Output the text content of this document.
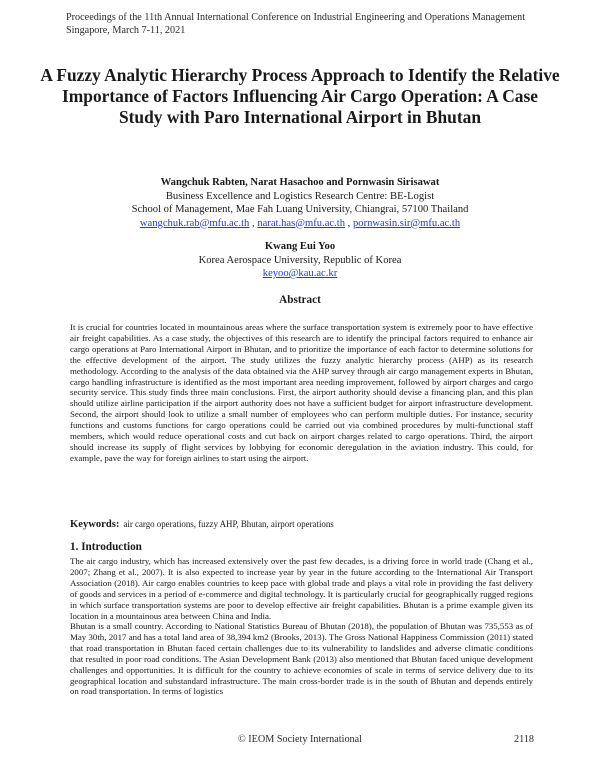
Proceedings of the 11th Annual International Conference on Industrial Engineering and Operations Management
Singapore, March 7-11, 2021
A Fuzzy Analytic Hierarchy Process Approach to Identify the Relative Importance of Factors Influencing Air Cargo Operation: A Case Study with Paro International Airport in Bhutan
Wangchuk Rabten, Narat Hasachoo and Pornwasin Sirisawat
Business Excellence and Logistics Research Centre: BE-Logist
School of Management, Mae Fah Luang University, Chiangrai, 57100 Thailand
wangchuk.rab@mfu.ac.th , narat.has@mfu.ac.th , pornwasin.sir@mfu.ac.th
Kwang Eui Yoo
Korea Aerospace University, Republic of Korea
keyoo@kau.ac.kr
Abstract
It is crucial for countries located in mountainous areas where the surface transportation system is extremely poor to have effective air freight capabilities. As a case study, the objectives of this research are to identify the principal factors required to enhance air cargo operations at Paro International Airport in Bhutan, and to prioritize the importance of each factor to determine solutions for the effective development of the airport. The study utilizes the fuzzy analytic hierarchy process (AHP) as its research methodology. According to the analysis of the data obtained via the AHP survey through air cargo management experts in Bhutan, cargo handling infrastructure is identified as the most important area needing improvement, followed by airport charges and cargo security service. This study finds three main conclusions. First, the airport authority should devise a financing plan, and this plan should utilize airline participation if the airport authority does not have a sufficient budget for airport infrastructure development. Second, the airport should look to utilize a small number of employees who can perform multiple duties. For instance, security functions and customs functions for cargo operations could be carried out via combined procedures by multi-functional staff members, which would reduce operational costs and cut back on airport charges related to cargo operations. Third, the airport should increase its supply of flight services by lobbying for economic deregulation in the aviation industry. This could, for example, pave the way for foreign airlines to start using the airport.
Keywords: air cargo operations, fuzzy AHP, Bhutan, airport operations
1. Introduction
The air cargo industry, which has increased extensively over the past few decades, is a driving force in world trade (Chang et al., 2007; Zhang et al., 2007). It is also expected to increase year by year in the future according to the International Air Transport Association (2018). Air cargo enables countries to keep pace with global trade and plays a vital role in providing the fast delivery of goods and services in a period of e-commerce and digital technology. It is particularly crucial for geographically rugged regions in which surface transportation systems are poor to develop effective air freight capabilities. Bhutan is a prime example given its location in a mountainous area between China and India.
Bhutan is a small country. According to National Statistics Bureau of Bhutan (2018), the population of Bhutan was 735,553 as of May 30th, 2017 and has a total land area of 38,394 km2 (Brooks, 2013). The Gross National Happiness Commission (2011) stated that road transportation in Bhutan faced certain challenges due to its vulnerability to landslides and adverse climatic conditions that resulted in poor road conditions. The Asian Development Bank (2013) also mentioned that Bhutan faced unique development challenges and opportunities. It is difficult for the country to achieve economies of scale in terms of service delivery due to its geographical location and substandard infrastructure. The main cross-border trade is in the south of Bhutan and depends entirely on road transportation. In terms of logistics
© IEOM Society International	2118
